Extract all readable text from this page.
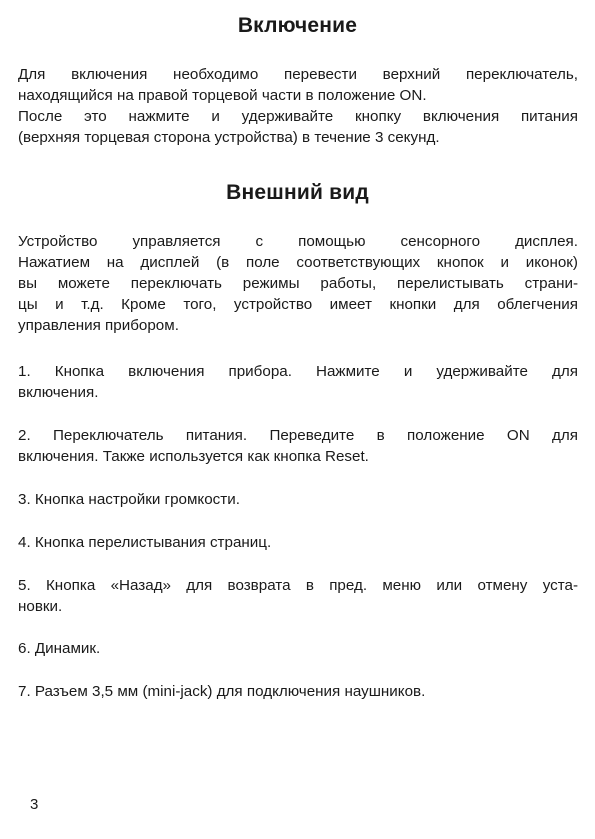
Включение

Для включения необходимо перевести верхний переключатель,
находящийся на правой торцевой части в положение ON.
После это нажмите и удерживайте кнопку включения питания
(верхняя торцевая сторона устройства) в течение 3 секунд.

Внешний вид

Устройство управляется с помощью сенсорного дисплея.
Нажатием на дисплей (в поле соответствующих кнопок и иконок)
вы можете переключать режимы работы, перелистывать страни-
цы и т.д. Кроме того, устройство имеет кнопки для облегчения
управления прибором.

1. Кнопка включения прибора. Нажмите и удерживайте для
включения.

2. Переключатель питания. Переведите в положение ON для
включения. Также используется как кнопка Reset.

3. Кнопка настройки громкости.

4. Кнопка перелистывания страниц.

5. Кнопка «Назад» для возврата в пред. меню или отмену уста-
новки.

6. Динамик.

7. Разъем 3,5 мм (mini-jack) для подключения наушников.

3
